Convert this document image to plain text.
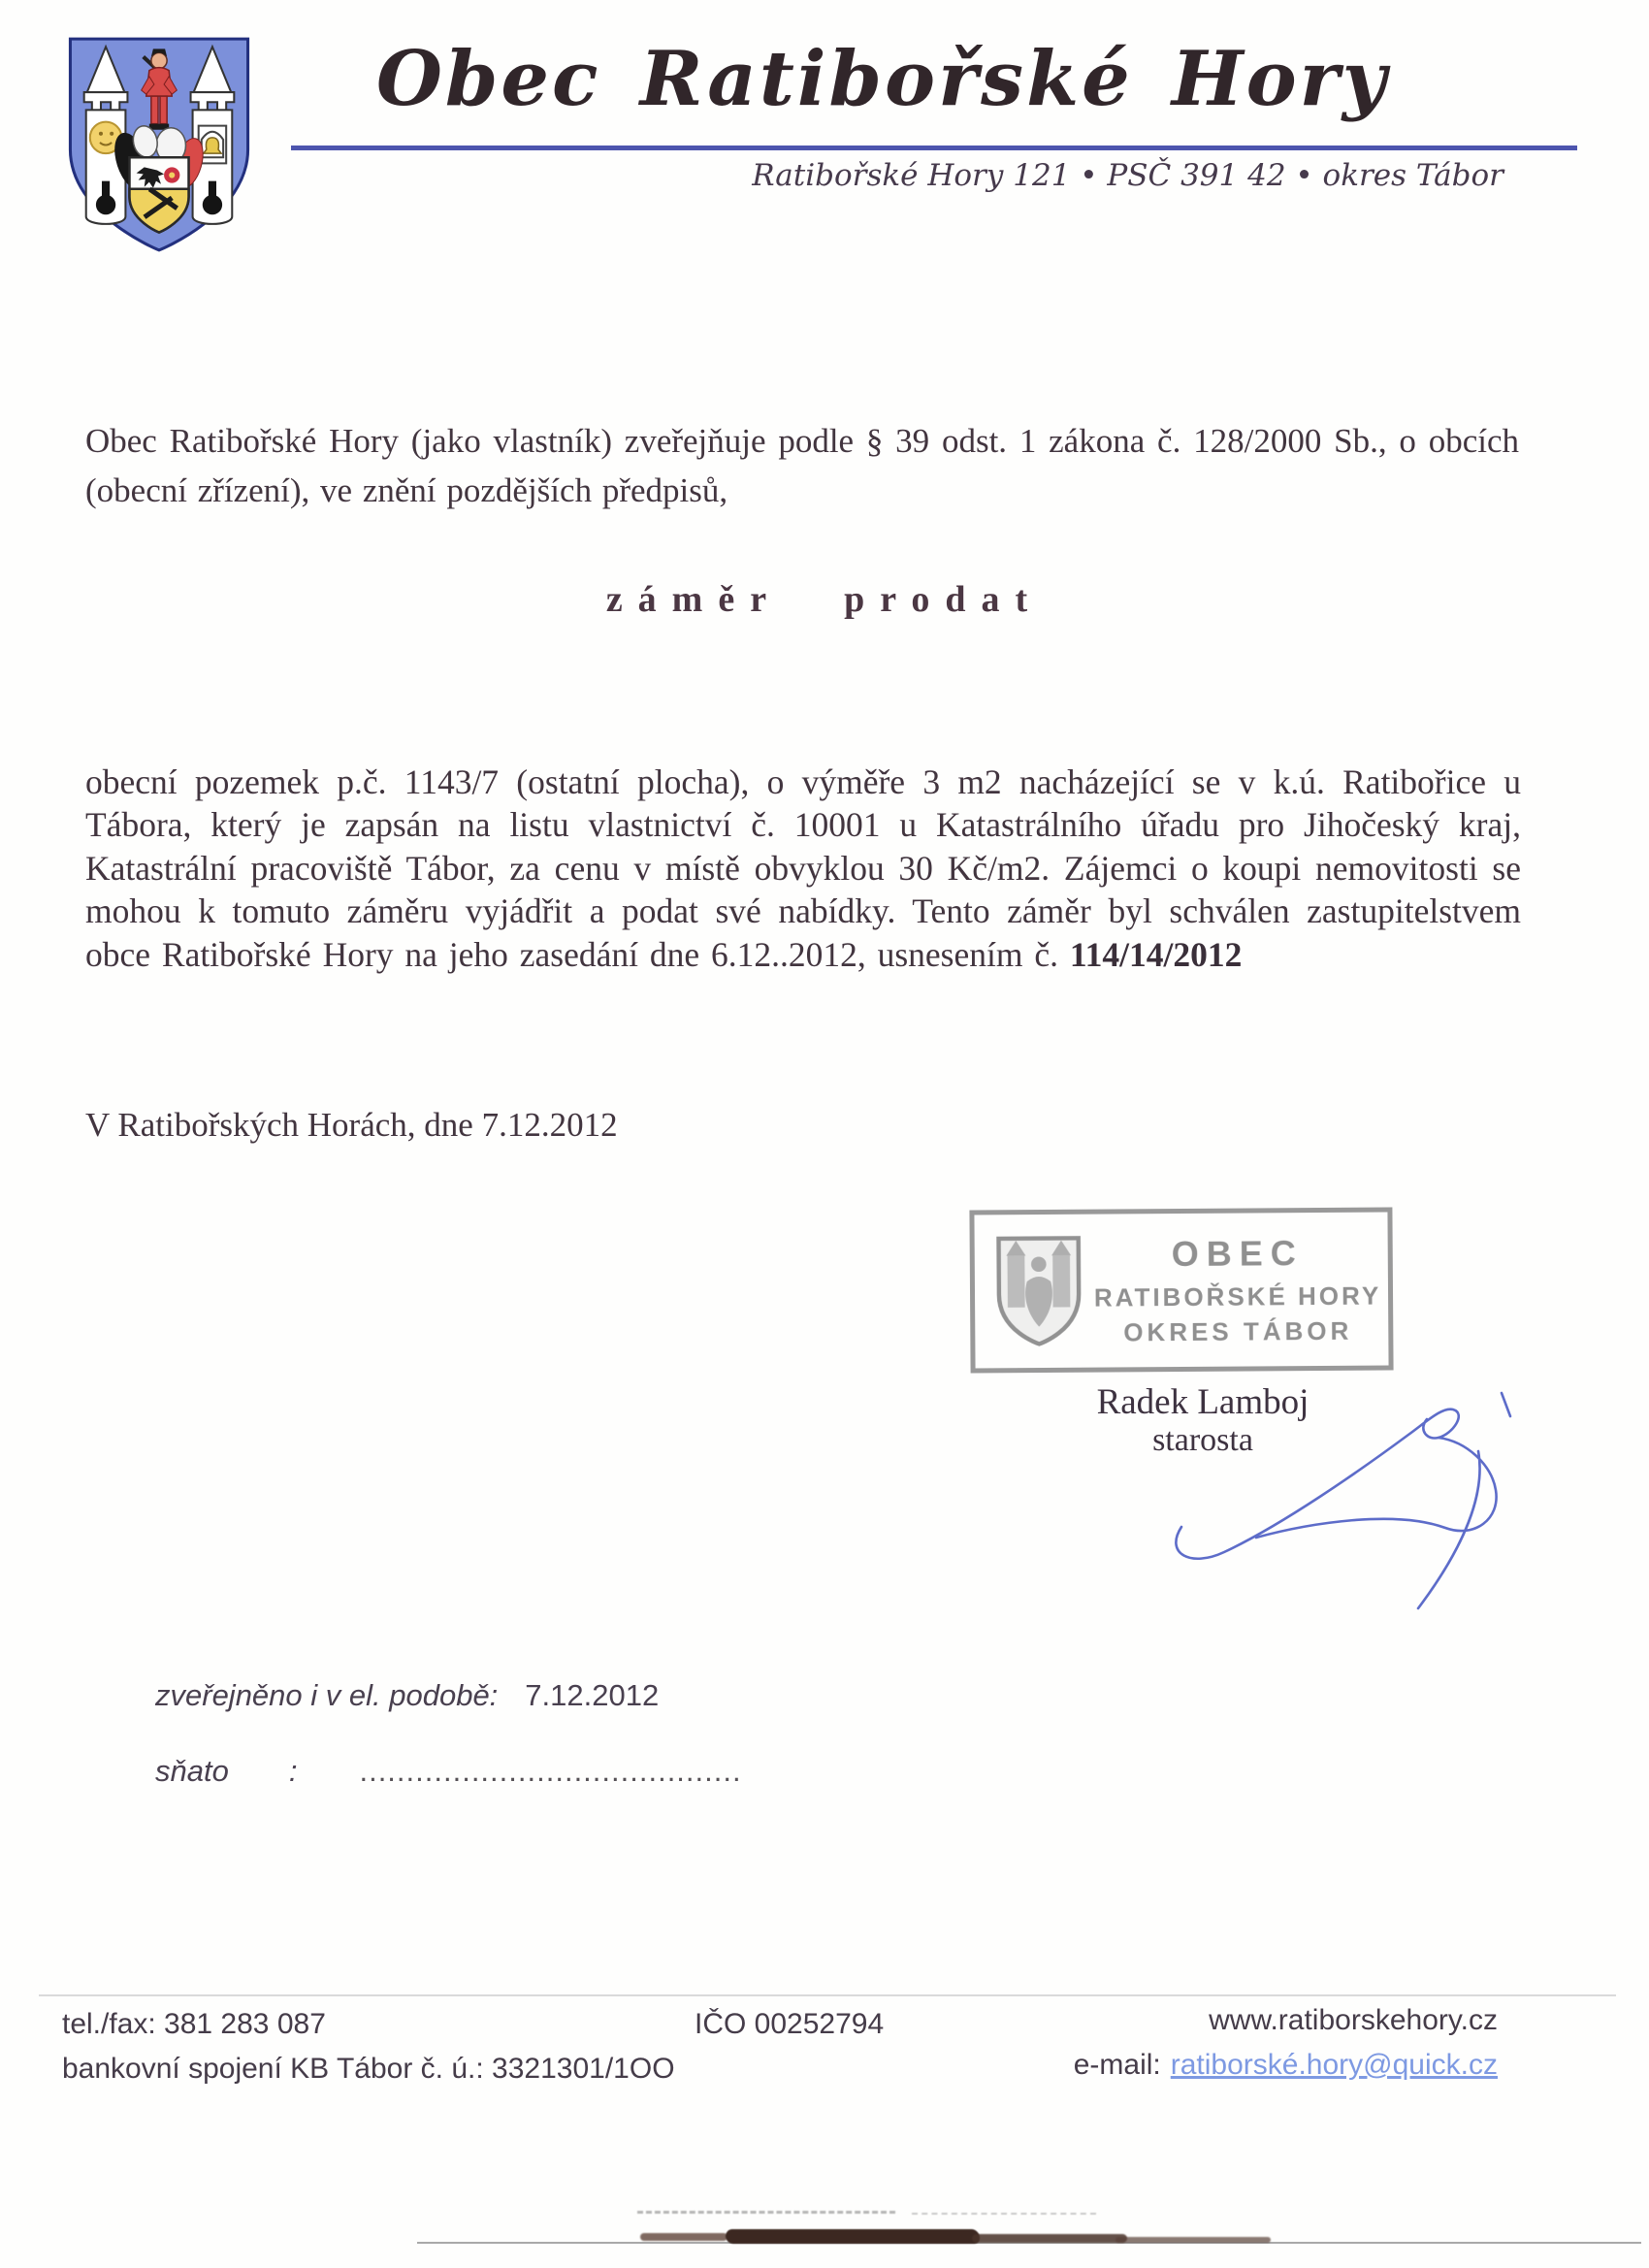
Obec Ratibořské Hory
Ratibořské Hory 121 • PSČ 391 42 • okres Tábor

Obec Ratibořské Hory (jako vlastník) zveřejňuje podle § 39 odst. 1 zákona č. 128/2000 Sb., o obcích (obecní zřízení), ve znění pozdějších předpisů,

záměr prodat

obecní pozemek p.č. 1143/7 (ostatní plocha), o výměře 3 m2 nacházející se v k.ú. Ratibořice u Tábora, který je zapsán na listu vlastnictví č. 10001 u Katastrálního úřadu pro Jihočeský kraj, Katastrální pracoviště Tábor, za cenu v místě obvyklou 30 Kč/m2. Zájemci o koupi nemovitosti se mohou k tomuto záměru vyjádřit a podat své nabídky. Tento záměr byl schválen zastupitelstvem obce Ratibořské Hory na jeho zasedání dne 6.12..2012, usnesením č. 114/14/2012

V Ratibořských Horách, dne 7.12.2012
OBEC
RATIBOŘSKÉ HORY
OKRES TÁBOR
Radek Lamboj
starosta
zveřejněno i v el. podobě: 7.12.2012
sňato : .........................................
tel./fax: 381 283 087
bankovní spojení KB Tábor č. ú.: 3321301/1OO
IČO 00252794	www.ratiborskehory.cz
e-mail: ratiborské.hory@quick.cz
